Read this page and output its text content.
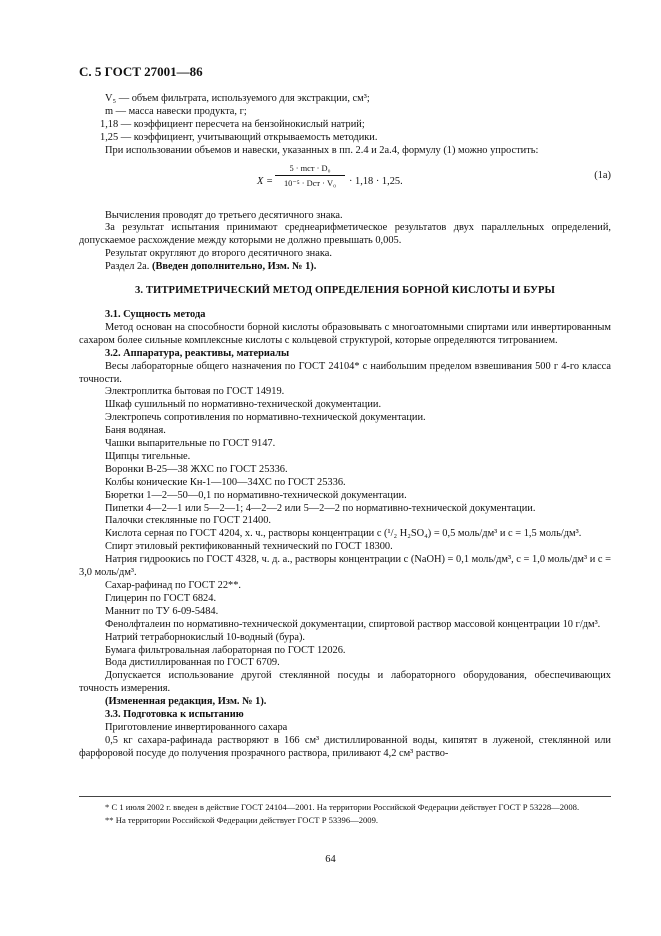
С. 5 ГОСТ 27001—86

V₅ — объем фильтрата, используемого для экстракции, см³;

m — масса навески продукта, г;

1,18 — коэффициент пересчета на бензойнокислый натрий;

1,25 — коэффициент, учитывающий открываемость методики.

При использовании объемов и навески, указанных в пп. 2.4 и 2а.4, формулу (1) можно упростить:

X =
5 · mст · D₀
10⁻⁵ · Dст · V₀	· 1,18 · 1,25.
(1а)

Вычисления проводят до третьего десятичного знака.

За результат испытания принимают среднеарифметическое результатов двух параллельных определений, допускаемое расхождение между которыми не должно превышать 0,005.

Результат округляют до второго десятичного знака.

Раздел 2а. (Введен дополнительно, Изм. № 1).

3. ТИТРИМЕТРИЧЕСКИЙ МЕТОД ОПРЕДЕЛЕНИЯ БОРНОЙ КИСЛОТЫ И БУРЫ

3.1. Сущность метода

Метод основан на способности борной кислоты образовывать с многоатомными спиртами или инвертированным сахаром более сильные комплексные кислоты с кольцевой структурой, которые определяются титрованием.

3.2. Аппаратура, реактивы, материалы

Весы лабораторные общего назначения по ГОСТ 24104* с наибольшим пределом взвешивания 500 г 4-го класса точности.

Электроплитка бытовая по ГОСТ 14919.

Шкаф сушильный по нормативно-технической документации.

Электропечь сопротивления по нормативно-технической документации.

Баня водяная.

Чашки выпарительные по ГОСТ 9147.

Щипцы тигельные.

Воронки В-25—38 ЖХС по ГОСТ 25336.

Колбы конические Кн-1—100—34ХС по ГОСТ 25336.

Бюретки 1—2—50—0,1 по нормативно-технической документации.

Пипетки 4—2—1 или 5—2—1; 4—2—2 или 5—2—2 по нормативно-технической документации.

Палочки стеклянные по ГОСТ 21400.

Кислота серная по ГОСТ 4204, х. ч., растворы концентрации c (¹/₂ H₂SO₄) = 0,5 моль/дм³ и c = 1,5 моль/дм³.

Спирт этиловый ректификованный технический по ГОСТ 18300.

Натрия гидроокись по ГОСТ 4328, ч. д. а., растворы концентрации c (NaOH) = 0,1 моль/дм³, c = 1,0 моль/дм³ и c = 3,0 моль/дм³.

Сахар-рафинад по ГОСТ 22**.

Глицерин по ГОСТ 6824.

Маннит по ТУ 6-09-5484.

Фенолфталеин по нормативно-технической документации, спиртовой раствор массовой концентрации 10 г/дм³.

Натрий тетраборнокислый 10-водный (бура).

Бумага фильтровальная лабораторная по ГОСТ 12026.

Вода дистиллированная по ГОСТ 6709.

Допускается использование другой стеклянной посуды и лабораторного оборудования, обеспечивающих точность измерения.

(Измененная редакция, Изм. № 1).

3.3. Подготовка к испытанию

Приготовление инвертированного сахара

0,5 кг сахара-рафинада растворяют в 166 см³ дистиллированной воды, кипятят в луженой, стеклянной или фарфоровой посуде до получения прозрачного раствора, приливают 4,2 см³ раство-

* С 1 июля 2002 г. введен в действие ГОСТ 24104—2001. На территории Российской Федерации действует ГОСТ Р 53228—2008.

** На территории Российской Федерации действует ГОСТ Р 53396—2009.

64
